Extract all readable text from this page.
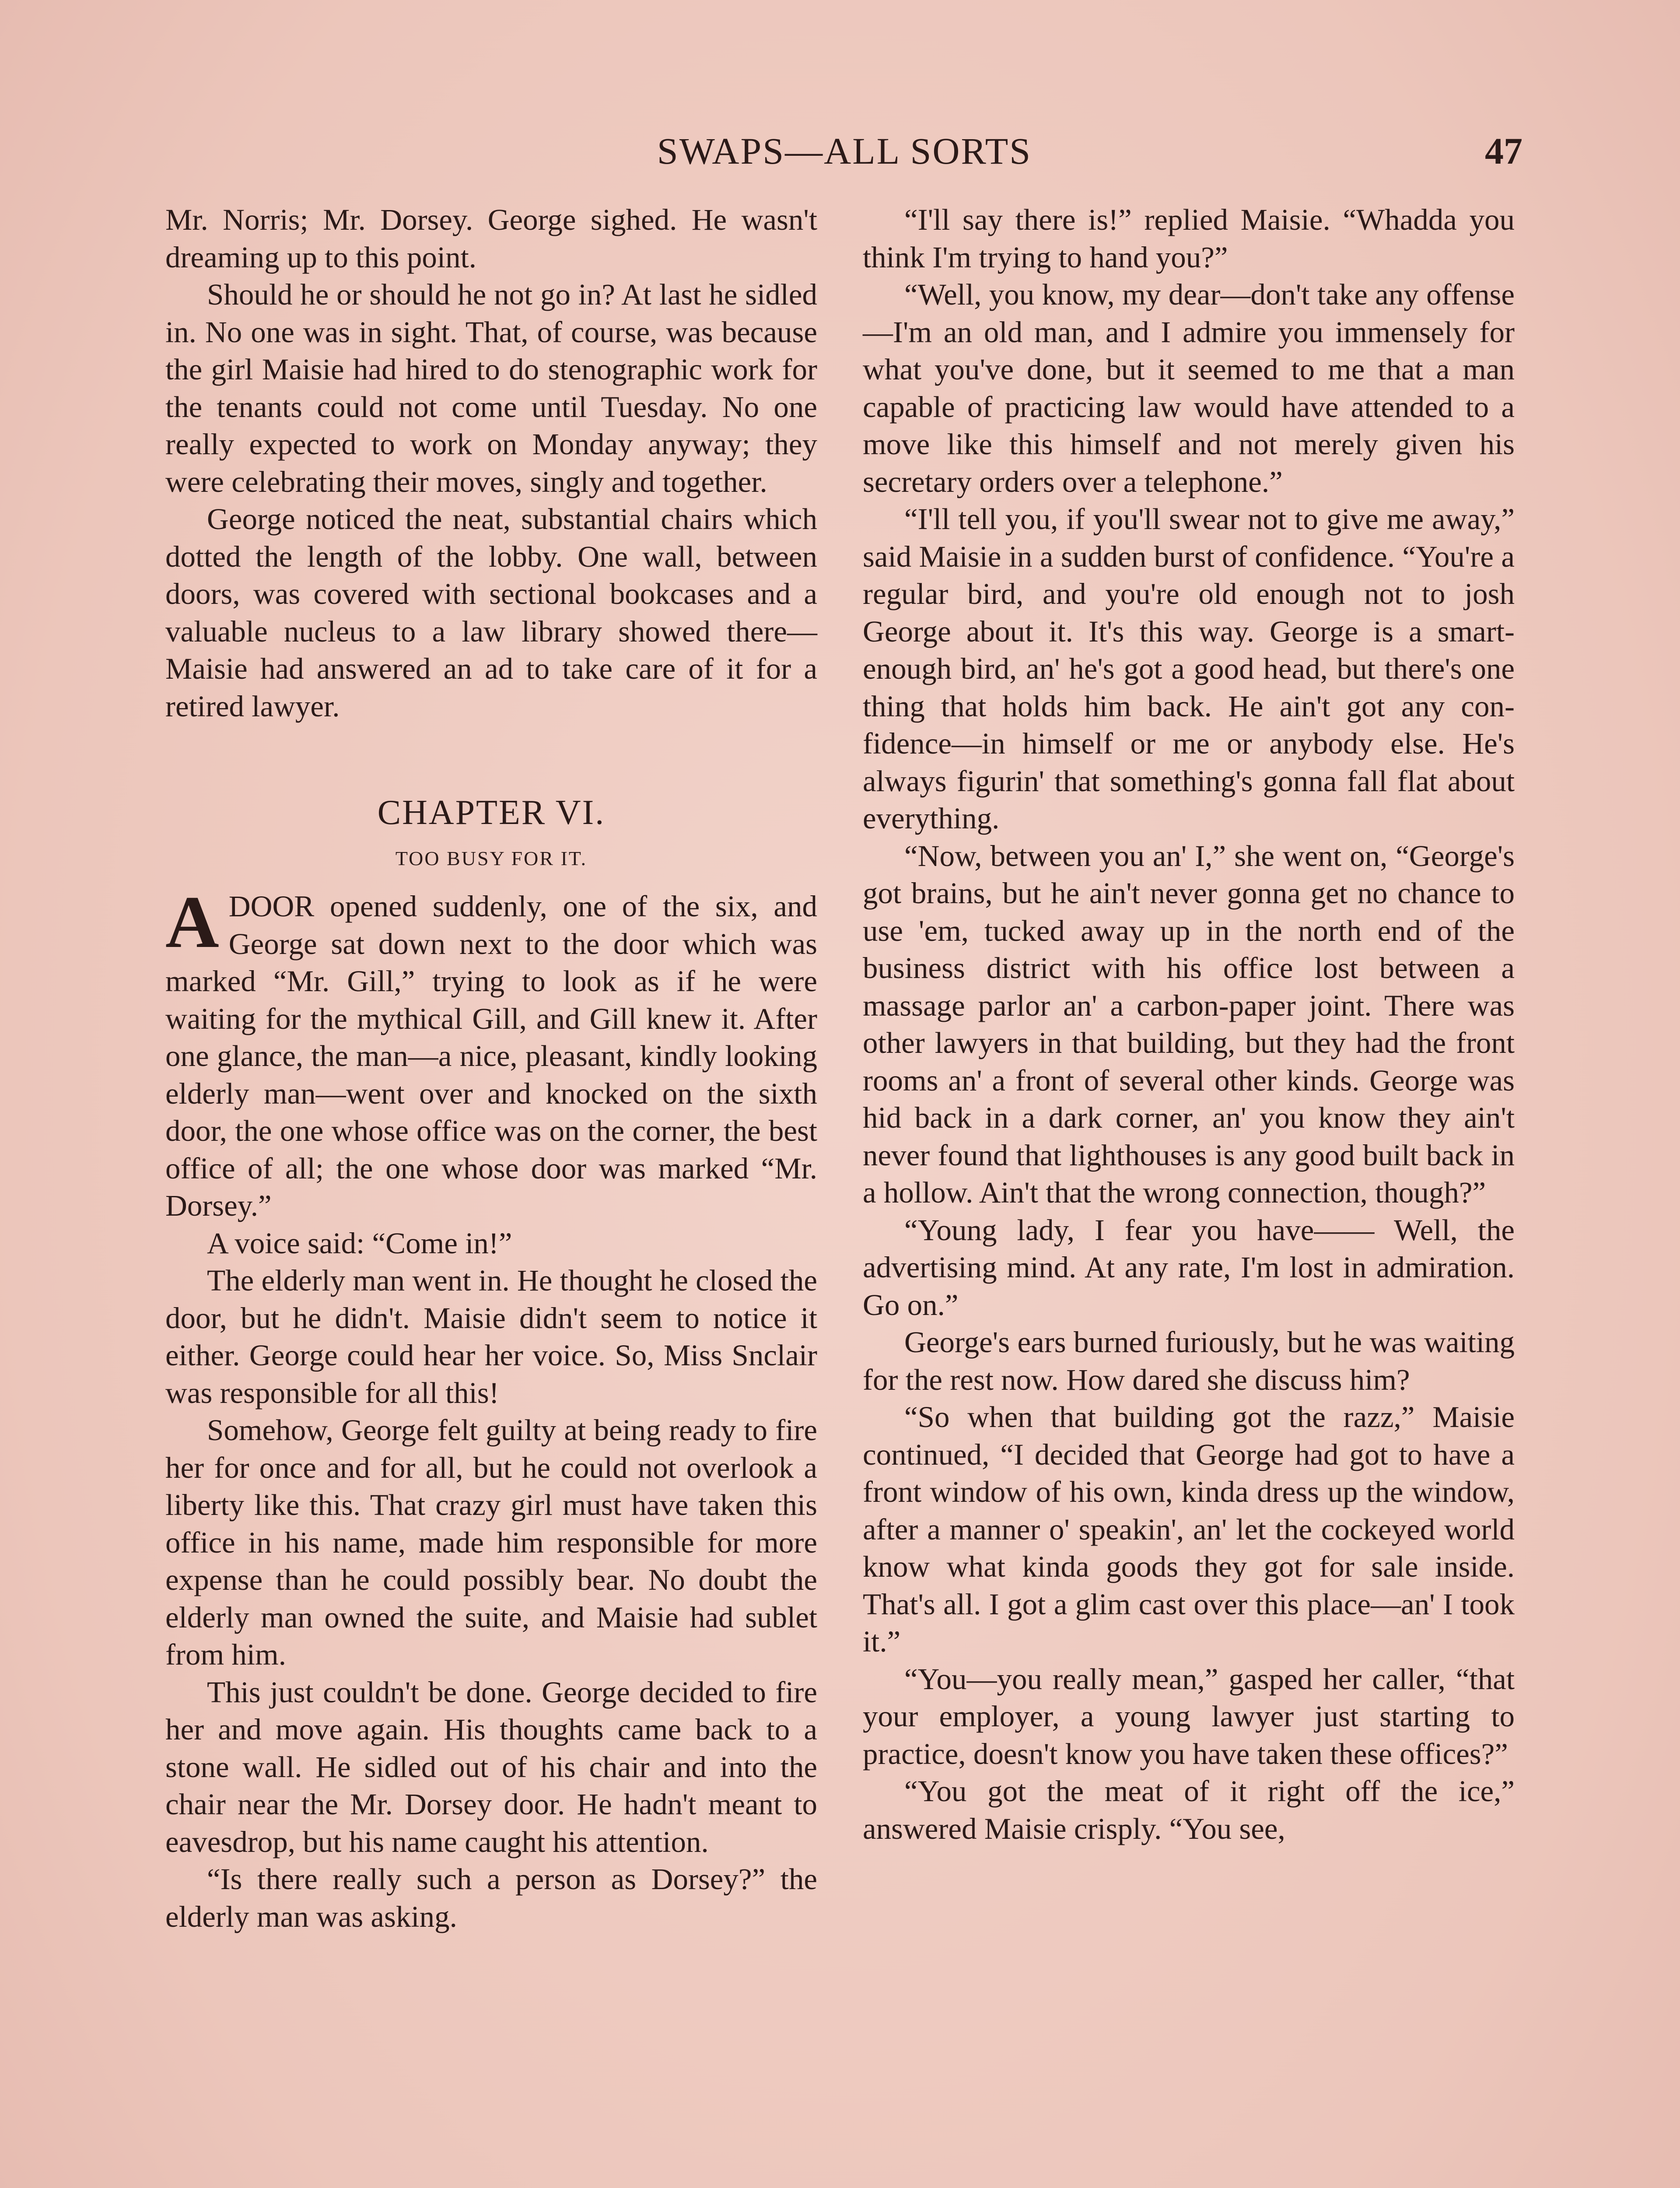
SWAPS—ALL SORTS	47

Mr. Norris; Mr. Dorsey. George sighed. He wasn't dreaming up to this point.

Should he or should he not go in? At last he sidled in. No one was in sight. That, of course, was because the girl Maisie had hired to do stenographic work for the tenants could not come until Tuesday. No one really expected to work on Monday anyway; they were celebrating their moves, singly and together.

George noticed the neat, substantial chairs which dotted the length of the lobby. One wall, between doors, was covered with sectional bookcases and a valuable nucleus to a law library showed there—Maisie had answered an ad to take care of it for a retired lawyer.

CHAPTER VI.
TOO BUSY FOR IT.

ADOOR opened suddenly, one of the six, and George sat down next to the door which was marked “Mr. Gill,” trying to look as if he were waiting for the mythical Gill, and Gill knew it. After one glance, the man—a nice, pleasant, kindly looking elderly man—went over and knocked on the sixth door, the one whose office was on the corner, the best office of all; the one whose door was marked “Mr. Dorsey.”

A voice said: “Come in!”

The elderly man went in. He thought he closed the door, but he didn't. Maisie didn't seem to notice it either. George could hear her voice. So, Miss Snclair was responsible for all this!

Somehow, George felt guilty at being ready to fire her for once and for all, but he could not overlook a liberty like this. That crazy girl must have taken this office in his name, made him responsible for more expense than he could possibly bear. No doubt the elderly man owned the suite, and Maisie had sublet from him.

This just couldn't be done. George decided to fire her and move again. His thoughts came back to a stone wall. He sidled out of his chair and into the chair near the Mr. Dorsey door. He hadn't meant to eavesdrop, but his name caught his attention.

“Is there really such a person as Dorsey?” the elderly man was asking.

“I'll say there is!” replied Maisie. “Whadda you think I'm trying to hand you?”

“Well, you know, my dear—don't take any offense—I'm an old man, and I admire you immensely for what you've done, but it seemed to me that a man capable of practicing law would have attended to a move like this himself and not merely given his secretary orders over a telephone.”

“I'll tell you, if you'll swear not to give me away,” said Maisie in a sudden burst of confidence. “You're a regular bird, and you're old enough not to josh George about it. It's this way. George is a smart-enough bird, an' he's got a good head, but there's one thing that holds him back. He ain't got any confidence—in himself or me or anybody else. He's always figurin' that something's gonna fall flat about everything.

“Now, between you an' I,” she went on, “George's got brains, but he ain't never gonna get no chance to use 'em, tucked away up in the north end of the business district with his office lost between a massage parlor an' a carbon-paper joint. There was other lawyers in that building, but they had the front rooms an' a front of several other kinds. George was hid back in a dark corner, an' you know they ain't never found that lighthouses is any good built back in a hollow. Ain't that the wrong connection, though?”

“Young lady, I fear you have—— Well, the advertising mind. At any rate, I'm lost in admiration. Go on.”

George's ears burned furiously, but he was waiting for the rest now. How dared she discuss him?

“So when that building got the razz,” Maisie continued, “I decided that George had got to have a front window of his own, kinda dress up the window, after a manner o' speakin', an' let the cockeyed world know what kinda goods they got for sale inside. That's all. I got a glim cast over this place—an' I took it.”

“You—you really mean,” gasped her caller, “that your employer, a young lawyer just starting to practice, doesn't know you have taken these offices?”

“You got the meat of it right off the ice,” answered Maisie crisply. “You see,
